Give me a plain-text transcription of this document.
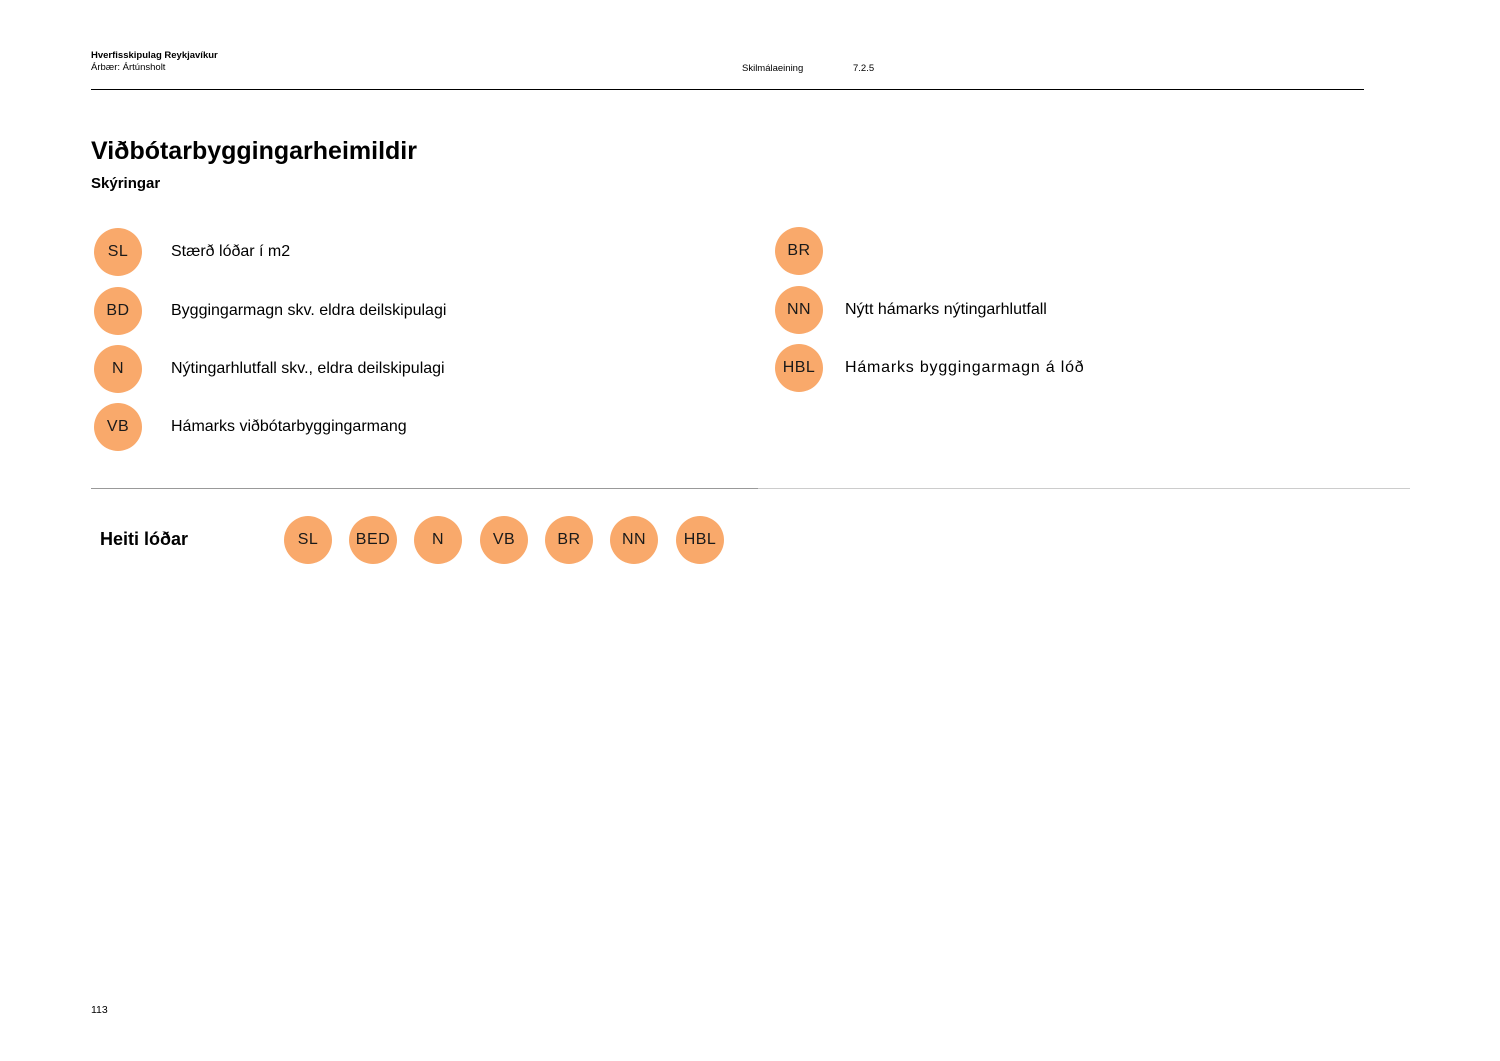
Hverfisskipulag Reykjavíkur
Árbær: Ártúnsholt	Skilmálaeining	7.2.5
Viðbótarbyggingarheimildir
Skýringar
SL	Stærð lóðar í m2
BD	Byggingarmagn skv. eldra deilskipulagi
N	Nýtingarhlutfall skv., eldra deilskipulagi
VB	Hámarks viðbótarbyggingarmang
BR
NN	Nýtt hámarks nýtingarhlutfall
HBL	Hámarks byggingarmagn á lóð
Heiti lóðar	SL	BED	N	VB	BR	NN	HBL
113
